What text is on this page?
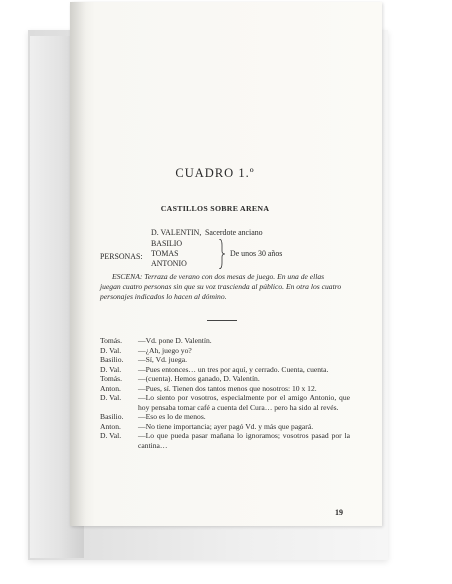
CUADRO 1.º
CASTILLOS SOBRE ARENA
PERSONAS:
D. VALENTIN,
BASILIO
TOMAS
ANTONIO
Sacerdote anciano
De unos 30 años
ESCENA: Terraza de verano con dos mesas de juego. En una de ellas juegan cuatro personas sin que su voz trascienda al público. En otra los cuatro personajes indicados lo hacen al dómino.

Tomás.	—Vd. pone D. Valentín.

D. Val.	—¿Ah, juego yo?

Basilio.	—Sí, Vd. juega.

D. Val.	—Pues entonces… un tres por aquí, y cerrado. Cuenta, cuenta.

Tomás.	—(cuenta). Hemos ganado, D. Valentín.

Anton.	—Pues, sí. Tienen dos tantos menos que nosotros: 10 x 12.

D. Val.	—Lo siento por vosotros, especialmente por el amigo Antonio, que hoy pensaba tomar café a cuenta del Cura… pero ha sido al revés.

Basilio.	—Eso es lo de menos.

Anton.	—No tiene importancia; ayer pagó Vd. y más que pagará.

D. Val.	—Lo que pueda pasar mañana lo ignoramos; vosotros pasad por la cantina…

19
